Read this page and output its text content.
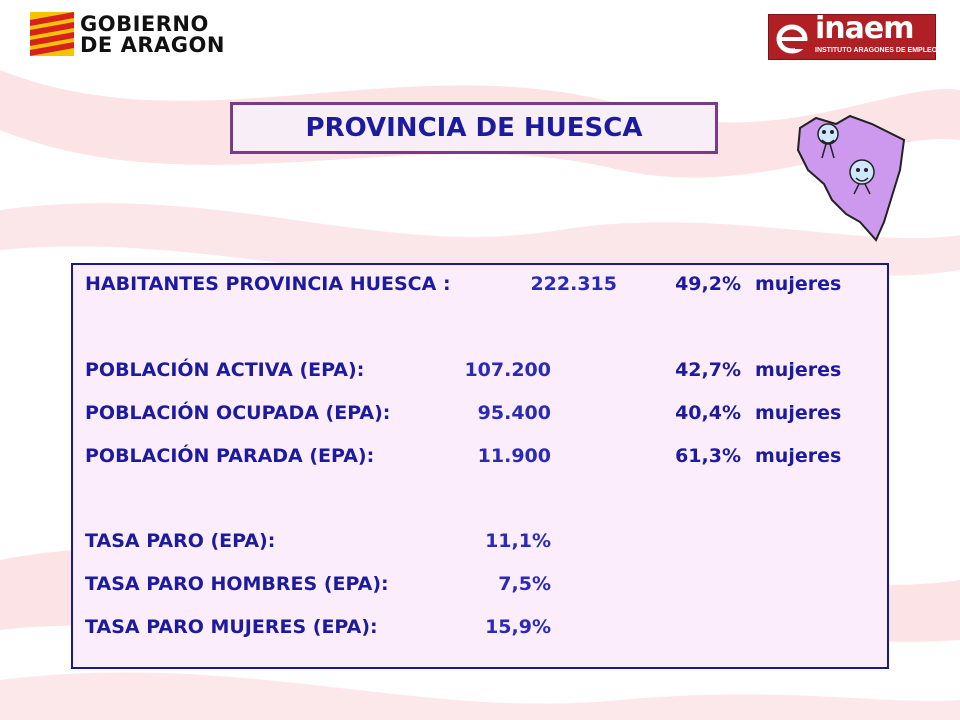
GOBIERNO
DE ARAGON	inaem
INSTITUTO ARAGONES DE EMPLEO
PROVINCIA DE HUESCA
HABITANTES PROVINCIA HUESCA :	222.315	49,2% mujeres
POBLACIÓN ACTIVA (EPA):	107.200	42,7% mujeres
POBLACIÓN OCUPADA (EPA):	95.400	40,4% mujeres
POBLACIÓN PARADA (EPA):	11.900	61,3% mujeres
TASA PARO (EPA):	11,1%
TASA PARO HOMBRES (EPA):	7,5%
TASA PARO MUJERES (EPA):	15,9%
